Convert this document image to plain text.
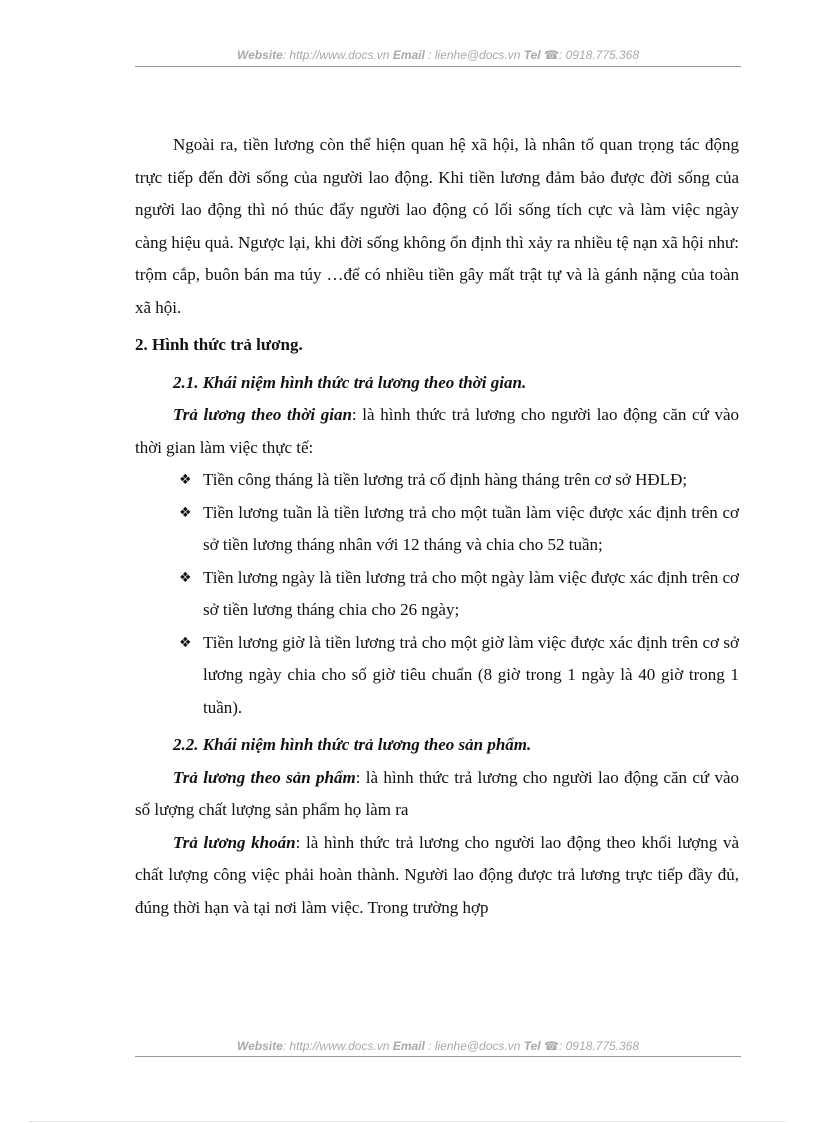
Website: http://www.docs.vn Email : lienhe@docs.vn Tel ☎: 0918.775.368

Ngoài ra, tiền lương còn thể hiện quan hệ xã hội, là nhân tố quan trọng tác động trực tiếp đến đời sống của người lao động. Khi tiền lương đảm bảo được đời sống của người lao động thì nó thúc đẩy người lao động có lối sống tích cực và làm việc ngày càng hiệu quả. Ngược lại, khi đời sống không ổn định thì xảy ra nhiều tệ nạn xã hội như: trộm cắp, buôn bán ma túy …để có nhiều tiền gây mất trật tự và là gánh nặng của toàn xã hội.

2. Hình thức trả lương.

2.1. Khái niệm hình thức trả lương theo thời gian.

Trả lương theo thời gian: là hình thức trả lương cho người lao động căn cứ vào thời gian làm việc thực tế:

❖ Tiền công tháng là tiền lương trả cố định hàng tháng trên cơ sở HĐLĐ;
❖ Tiền lương tuần là tiền lương trả cho một tuần làm việc được xác định trên cơ sở tiền lương tháng nhân với 12 tháng và chia cho 52 tuần;
❖ Tiền lương ngày là tiền lương trả cho một ngày làm việc được xác định trên cơ sở tiền lương tháng chia cho 26 ngày;
❖ Tiền lương giờ là tiền lương trả cho một giờ làm việc được xác định trên cơ sở lương ngày chia cho số giờ tiêu chuẩn (8 giờ trong 1 ngày là 40 giờ trong 1 tuần).

2.2. Khái niệm hình thức trả lương theo sản phẩm.

Trả lương theo sản phẩm: là hình thức trả lương cho người lao động căn cứ vào số lượng chất lượng sản phẩm họ làm ra

Trả lương khoán: là hình thức trả lương cho người lao động theo khối lượng và chất lượng công việc phải hoàn thành. Người lao động được trả lương trực tiếp đầy đủ, đúng thời hạn và tại nơi làm việc. Trong trường hợp

Website: http://www.docs.vn Email : lienhe@docs.vn Tel ☎: 0918.775.368
